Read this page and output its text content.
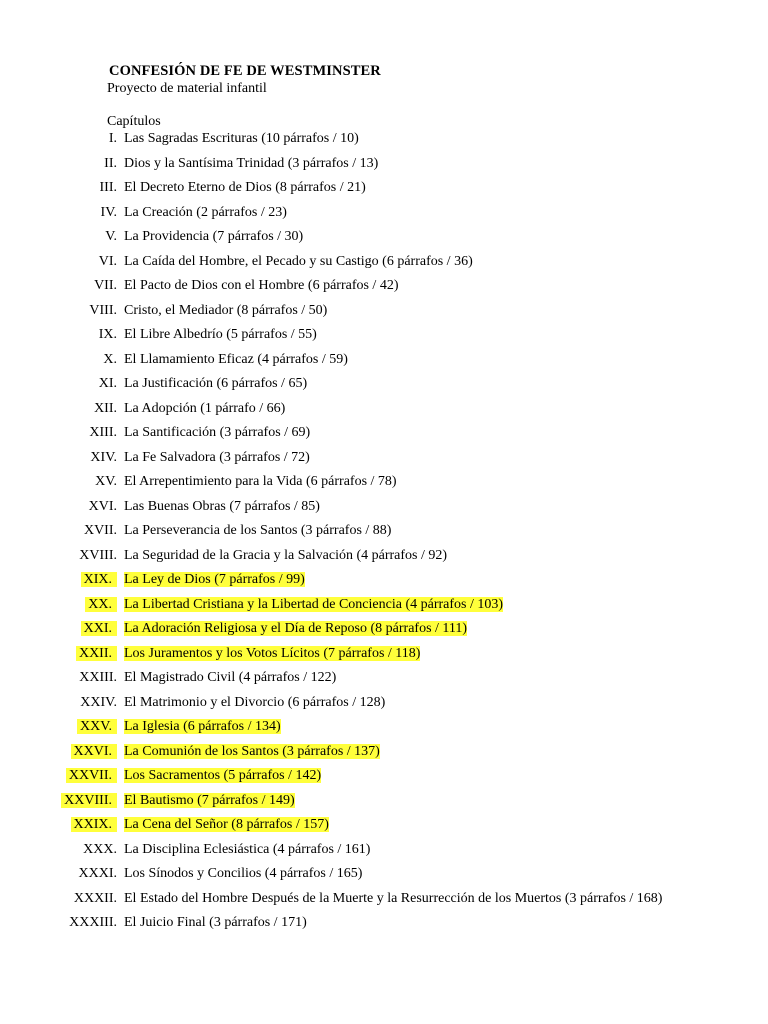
CONFESIÓN DE FE DE WESTMINSTER
Proyecto de material infantil
Capítulos
I. Las Sagradas Escrituras (10 párrafos / 10)
II. Dios y la Santísima Trinidad (3 párrafos / 13)
III. El Decreto Eterno de Dios (8 párrafos / 21)
IV. La Creación (2 párrafos / 23)
V. La Providencia (7 párrafos / 30)
VI. La Caída del Hombre, el Pecado y su Castigo (6 párrafos / 36)
VII. El Pacto de Dios con el Hombre (6 párrafos / 42)
VIII. Cristo, el Mediador (8 párrafos / 50)
IX. El Libre Albedrío (5 párrafos / 55)
X. El Llamamiento Eficaz (4 párrafos / 59)
XI. La Justificación (6 párrafos / 65)
XII. La Adopción (1 párrafo / 66)
XIII. La Santificación (3 párrafos / 69)
XIV. La Fe Salvadora (3 párrafos / 72)
XV. El Arrepentimiento para la Vida (6 párrafos / 78)
XVI. Las Buenas Obras (7 párrafos / 85)
XVII. La Perseverancia de los Santos (3 párrafos / 88)
XVIII. La Seguridad de la Gracia y la Salvación (4 párrafos / 92)
XIX. La Ley de Dios (7 párrafos / 99)
XX. La Libertad Cristiana y la Libertad de Conciencia (4 párrafos / 103)
XXI. La Adoración Religiosa y el Día de Reposo (8 párrafos / 111)
XXII. Los Juramentos y los Votos Lícitos (7 párrafos / 118)
XXIII. El Magistrado Civil (4 párrafos / 122)
XXIV. El Matrimonio y el Divorcio (6 párrafos / 128)
XXV. La Iglesia (6 párrafos / 134)
XXVI. La Comunión de los Santos (3 párrafos / 137)
XXVII. Los Sacramentos (5 párrafos / 142)
XXVIII. El Bautismo (7 párrafos / 149)
XXIX. La Cena del Señor (8 párrafos / 157)
XXX. La Disciplina Eclesiástica (4 párrafos / 161)
XXXI. Los Sínodos y Concilios (4 párrafos / 165)
XXXII. El Estado del Hombre Después de la Muerte y la Resurrección de los Muertos (3 párrafos / 168)
XXXIII. El Juicio Final (3 párrafos / 171)
